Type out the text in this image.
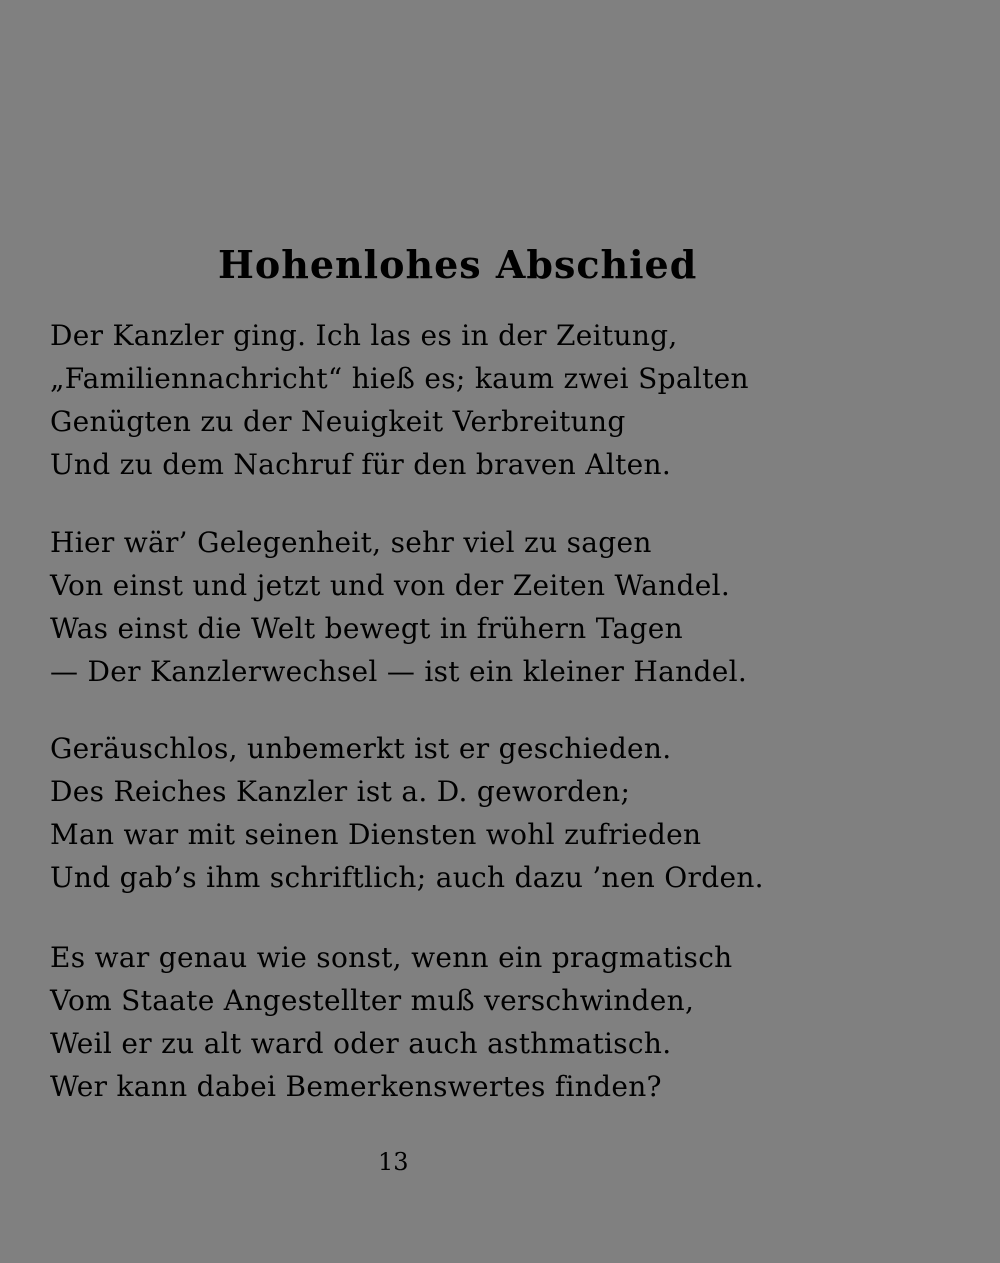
Hohenlohes Abschied
Der Kanzler ging. Ich las es in der Zeitung,
„Familiennachricht“ hieß es; kaum zwei Spalten
Genügten zu der Neuigkeit Verbreitung
Und zu dem Nachruf für den braven Alten.
Hier wär’ Gelegenheit, sehr viel zu sagen
Von einst und jetzt und von der Zeiten Wandel.
Was einst die Welt bewegt in frühern Tagen
— Der Kanzlerwechsel — ist ein kleiner Handel.
Geräuschlos, unbemerkt ist er geschieden.
Des Reiches Kanzler ist a. D. geworden;
Man war mit seinen Diensten wohl zufrieden
Und gab’s ihm schriftlich; auch dazu ’nen Orden.
Es war genau wie sonst, wenn ein pragmatisch
Vom Staate Angestellter muß verschwinden,
Weil er zu alt ward oder auch asthmatisch.
Wer kann dabei Bemerkenswertes finden?
13
